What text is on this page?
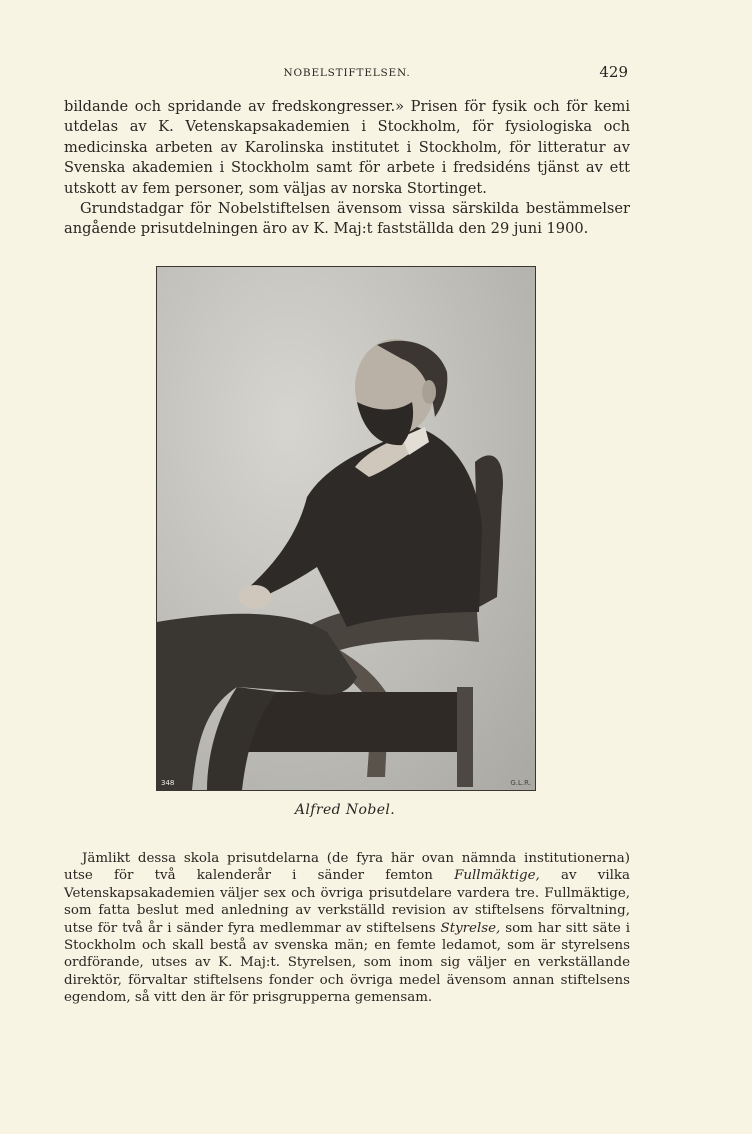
NOBELSTIFTELSEN.	429

bildande och spridande av fredskongresser.» Prisen för fysik och för kemi utdelas av K. Vetenskapsakademien i Stockholm, för fysiologiska och medicinska arbeten av Karolinska institutet i Stockholm, för litteratur av Svenska akademien i Stockholm samt för arbete i fredsidéns tjänst av ett utskott av fem personer, som väljas av norska Stortinget.

Grundstadgar för Nobelstiftelsen ävensom vissa särskilda bestämmelser angående prisutdelningen äro av K. Maj:t fastställda den 29 juni 1900.

348	G.L.R.
Alfred Nobel.
Jämlikt dessa skola prisutdelarna (de fyra här ovan nämnda institutionerna) utse för två kalenderår i sänder femton Fullmäktige, av vilka Vetenskapsakademien väljer sex och övriga prisutdelare vardera tre. Fullmäktige, som fatta beslut med anledning av verkställd revision av stiftelsens förvaltning, utse för två år i sänder fyra medlemmar av stiftelsens Styrelse, som har sitt säte i Stockholm och skall bestå av svenska män; en femte ledamot, som är styrelsens ordförande, utses av K. Maj:t. Styrelsen, som inom sig väljer en verkställande direktör, förvaltar stiftelsens fonder och övriga medel ävensom annan stiftelsens egendom, så vitt den är för prisgrupperna gemensam.
